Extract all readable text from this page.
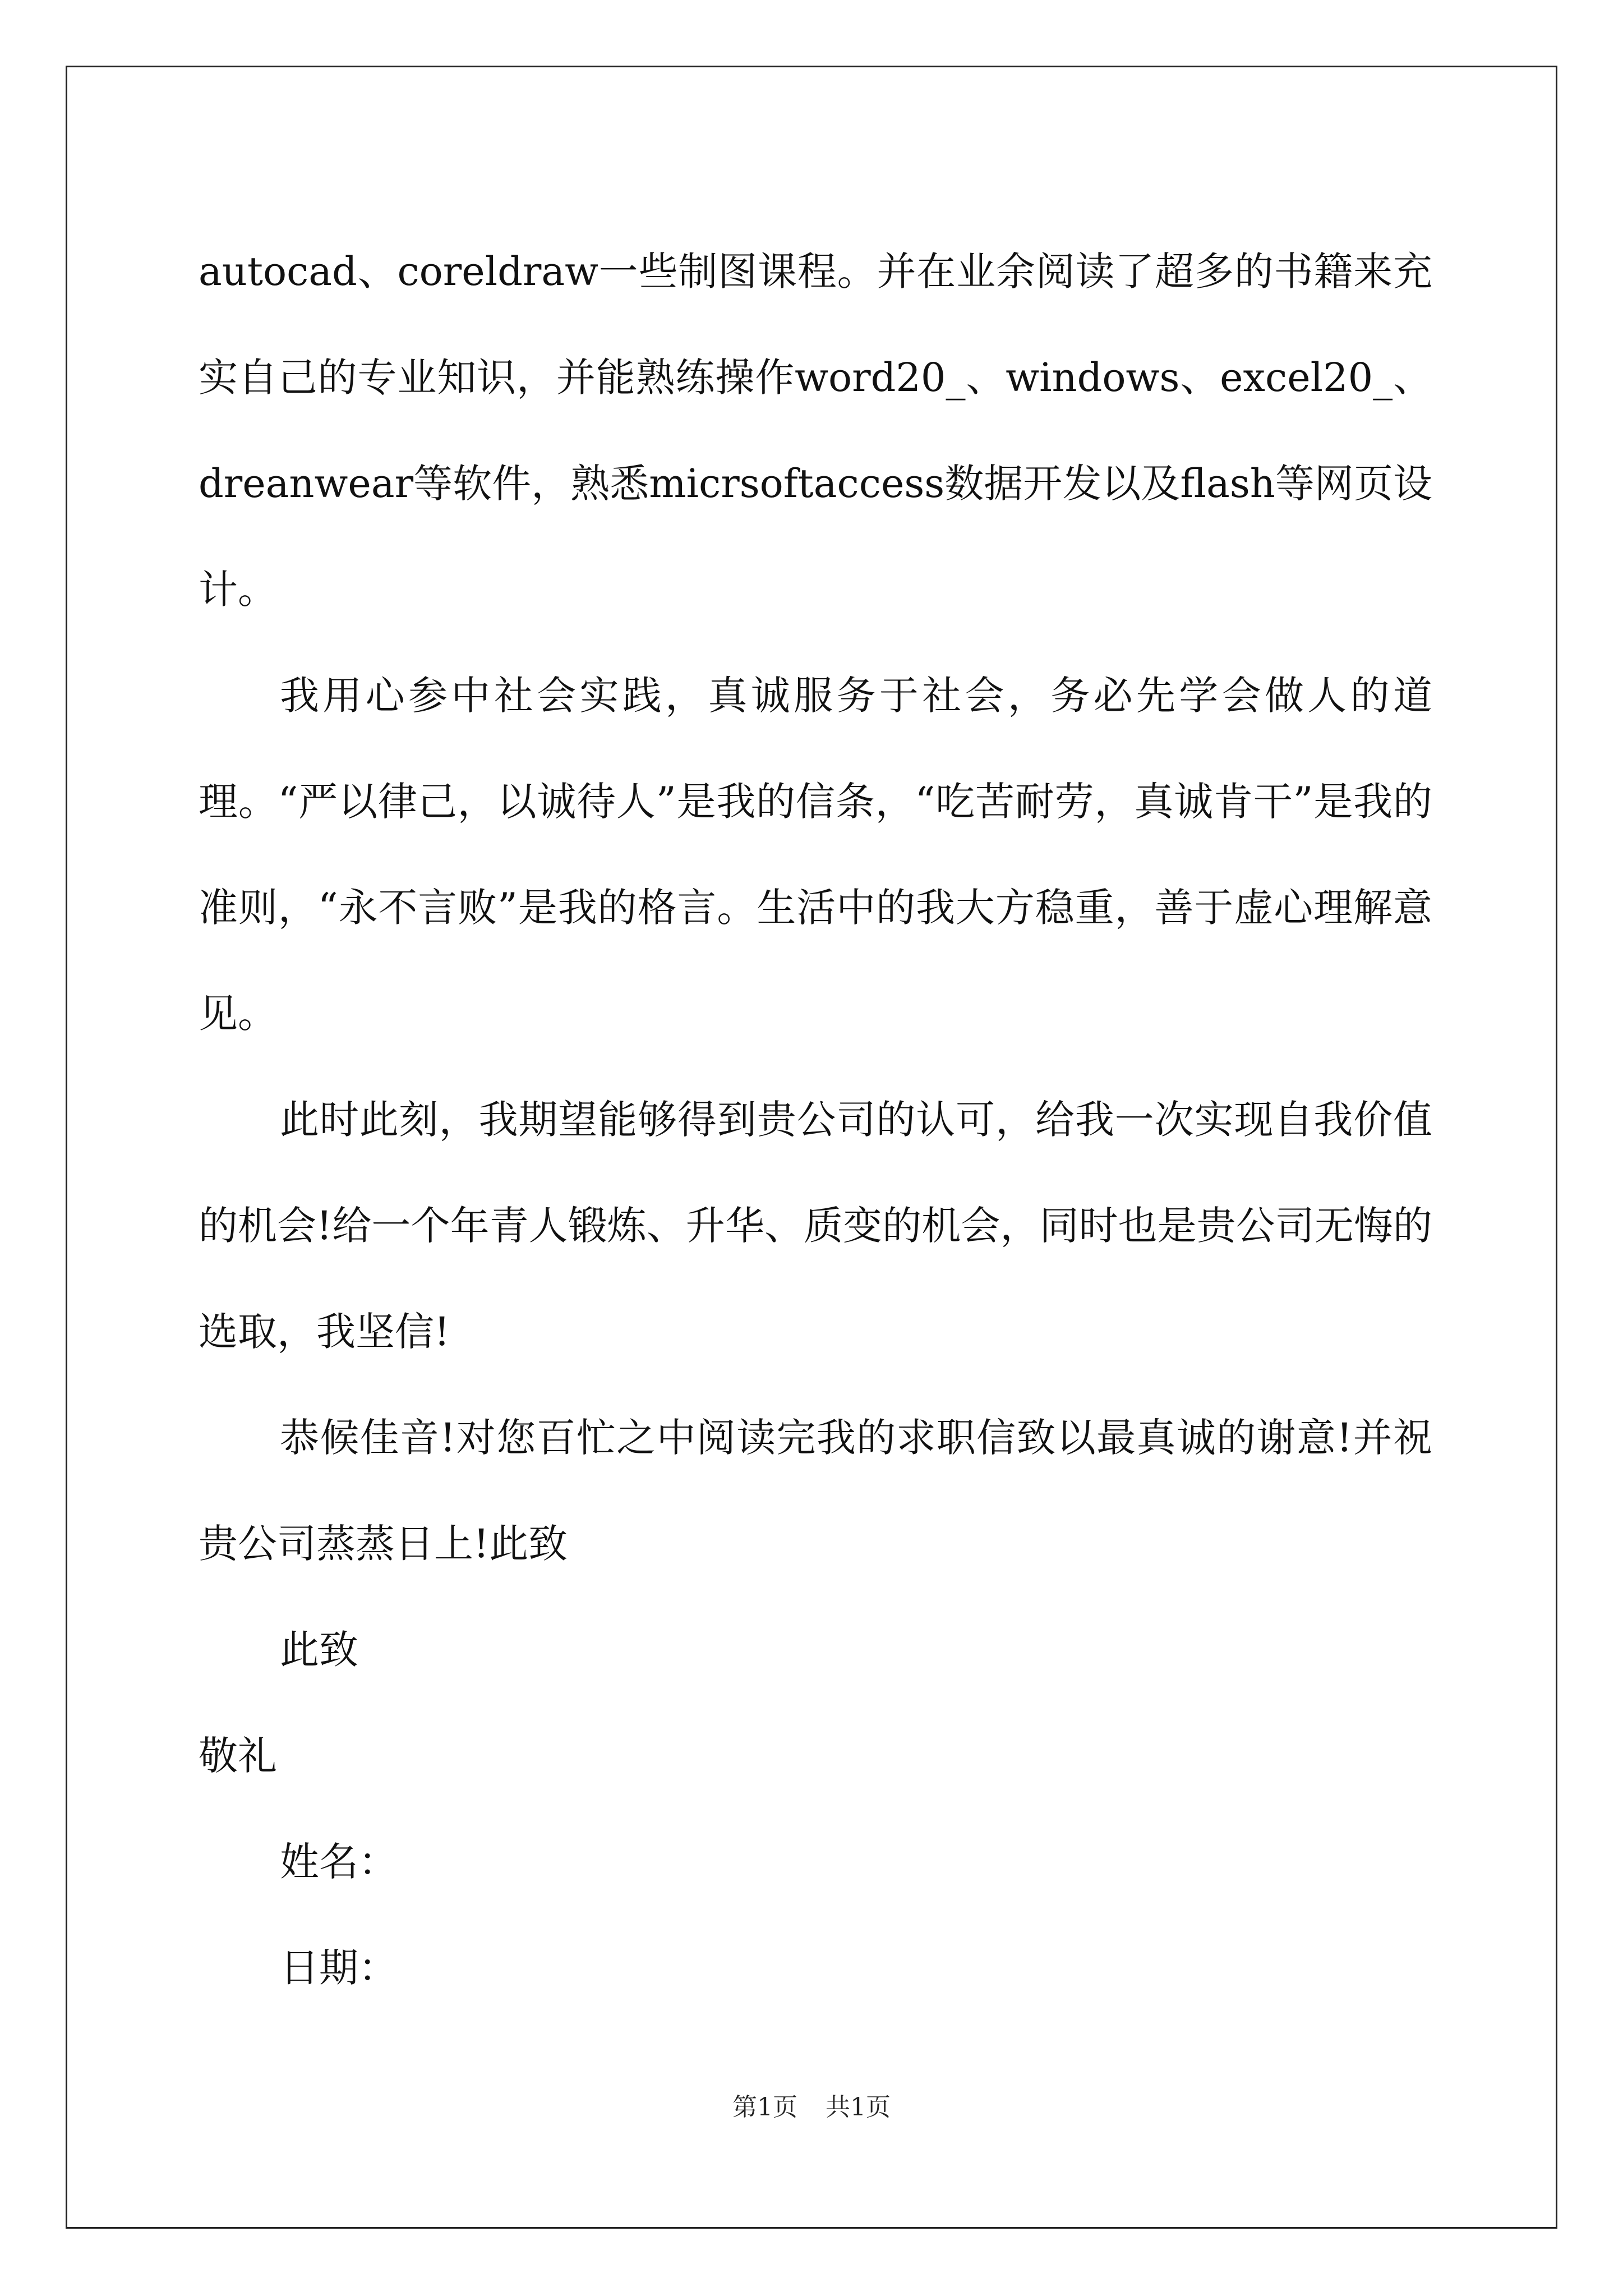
autocad、coreldraw一些制图课程。并在业余阅读了超多的书籍来充实自己的专业知识，并能熟练操作word20_、windows、excel20_、dreanwear等软件，熟悉micrsoftaccess数据开发以及flash等网页设计。

我用心参中社会实践，真诚服务于社会，务必先学会做人的道理。“严以律己，以诚待人”是我的信条，“吃苦耐劳，真诚肯干”是我的准则，“永不言败”是我的格言。生活中的我大方稳重，善于虚心理解意见。

此时此刻，我期望能够得到贵公司的认可，给我一次实现自我价值的机会!给一个年青人锻炼、升华、质变的机会，同时也是贵公司无悔的选取，我坚信!

恭候佳音!对您百忙之中阅读完我的求职信致以最真诚的谢意!并祝贵公司蒸蒸日上!此致

此致

敬礼

姓名：

日期：

第1页 共1页
